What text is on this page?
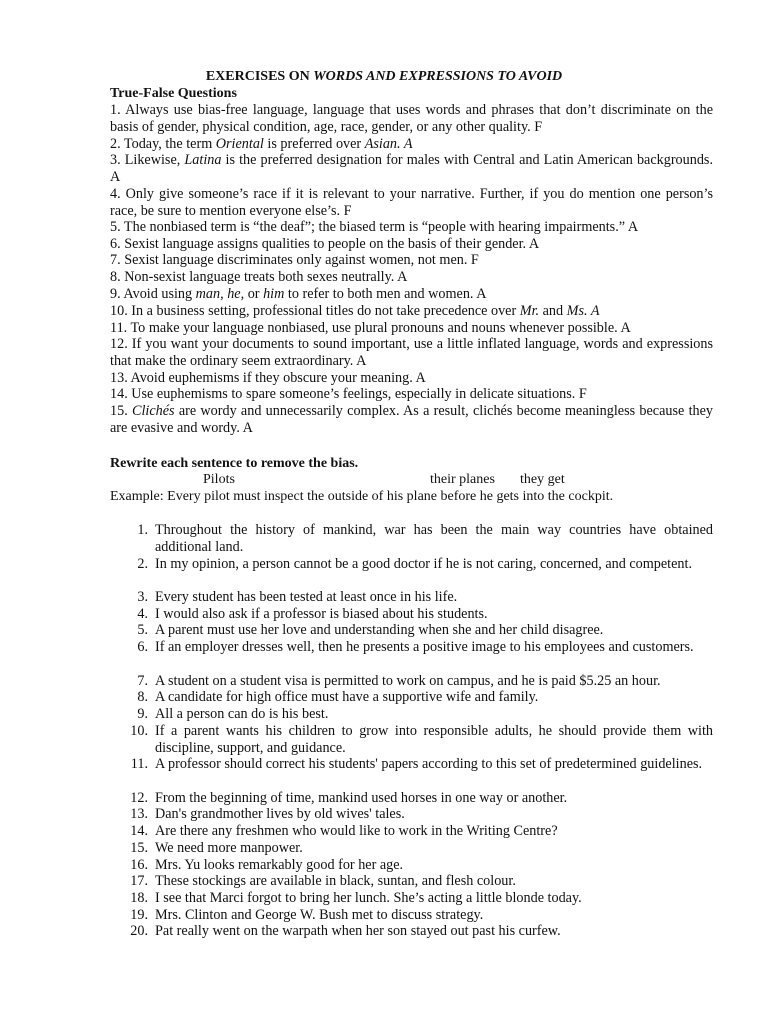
EXERCISES ON WORDS AND EXPRESSIONS TO AVOID
True-False Questions
1. Always use bias-free language, language that uses words and phrases that don’t discriminate on the basis of gender, physical condition, age, race, gender, or any other quality. F
2. Today, the term Oriental is preferred over Asian. A
3. Likewise, Latina is the preferred designation for males with Central and Latin American backgrounds. A
4. Only give someone’s race if it is relevant to your narrative. Further, if you do mention one person’s race, be sure to mention everyone else’s. F
5. The nonbiased term is “the deaf”; the biased term is “people with hearing impairments.” A
6. Sexist language assigns qualities to people on the basis of their gender. A
7. Sexist language discriminates only against women, not men. F
8. Non-sexist language treats both sexes neutrally. A
9. Avoid using man, he, or him to refer to both men and women. A
10. In a business setting, professional titles do not take precedence over Mr. and Ms. A
11. To make your language nonbiased, use plural pronouns and nouns whenever possible. A
12. If you want your documents to sound important, use a little inflated language, words and expressions that make the ordinary seem extraordinary. A
13. Avoid euphemisms if they obscure your meaning. A
14. Use euphemisms to spare someone’s feelings, especially in delicate situations. F
15. Clichés are wordy and unnecessarily complex. As a result, clichés become meaningless because they are evasive and wordy. A
Rewrite each sentence to remove the bias.
Pilots	their planes they get
Example: Every pilot must inspect the outside of his plane before he gets into the cockpit.
1. Throughout the history of mankind, war has been the main way countries have obtained additional land.
2. In my opinion, a person cannot be a good doctor if he is not caring, concerned, and competent.
3. Every student has been tested at least once in his life.
4. I would also ask if a professor is biased about his students.
5. A parent must use her love and understanding when she and her child disagree.
6. If an employer dresses well, then he presents a positive image to his employees and customers.
7. A student on a student visa is permitted to work on campus, and he is paid $5.25 an hour.
8. A candidate for high office must have a supportive wife and family.
9. All a person can do is his best.
10. If a parent wants his children to grow into responsible adults, he should provide them with discipline, support, and guidance.
11. A professor should correct his students' papers according to this set of predetermined guidelines.
12. From the beginning of time, mankind used horses in one way or another.
13. Dan's grandmother lives by old wives' tales.
14. Are there any freshmen who would like to work in the Writing Centre?
15. We need more manpower.
16. Mrs. Yu looks remarkably good for her age.
17. These stockings are available in black, suntan, and flesh colour.
18. I see that Marci forgot to bring her lunch. She’s acting a little blonde today.
19. Mrs. Clinton and George W. Bush met to discuss strategy.
20. Pat really went on the warpath when her son stayed out past his curfew.
